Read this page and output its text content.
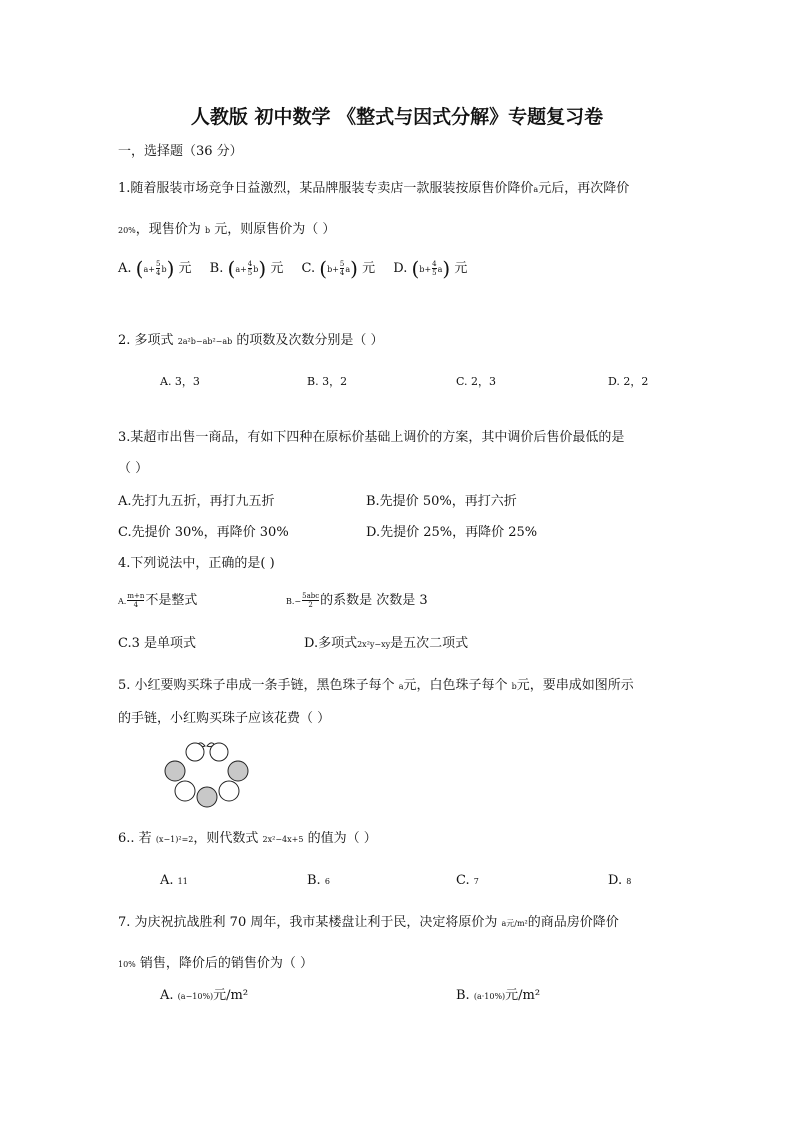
人教版 初中数学 《整式与因式分解》专题复习卷
一，选择题（36 分）
1.随着服装市场竞争日益激烈，某品牌服装专卖店一款服装按原售价降价a元后，再次降价
20%，现售价为 b 元，则原售价为（ ）
A. $(a+ \frac{5}{4} b)$ 元 B. $(a+ \frac{4}{5} b)$ 元 C. $(b+ \frac{5}{4} a)$ 元 D. $(b+ \frac{4}{5} a)$ 元
2. 多项式 2a²b−ab²−ab 的项数及次数分别是（ ）
A. 3，3	B. 3，2	C. 2，3	D. 2，2
3.某超市出售一商品，有如下四种在原标价基础上调价的方案，其中调价后售价最低的是
（ ）
A.先打九五折，再打九五折	B.先提价 50%，再打六折
C.先提价 30%，再降价 30%	D.先提价 25%，再降价 25%
4.下列说法中，正确的是( )
A. $\frac{m+n}{4}$ 不是整式	$B.- \frac{\text{5abc}}{2}$ 的系数是 次数是 3
C.3 是单项式	D.多项式2x²y−xy是五次二项式
5. 小红要购买珠子串成一条手链，黑色珠子每个 a元，白色珠子每个 b元，要串成如图所示
的手链，小红购买珠子应该花费（ ）
6.. 若 (x−1)²=2，则代数式 2x²−4x+5 的值为（ ）
A. 11	B. 6	C. 7	D. 8
7. 为庆祝抗战胜利 70 周年，我市某楼盘让利于民，决定将原价为 a元/m²的商品房价降价
10% 销售，降价后的销售价为（ ）
A. (a−10%)元/m²	B. (a·10%)元/m²
